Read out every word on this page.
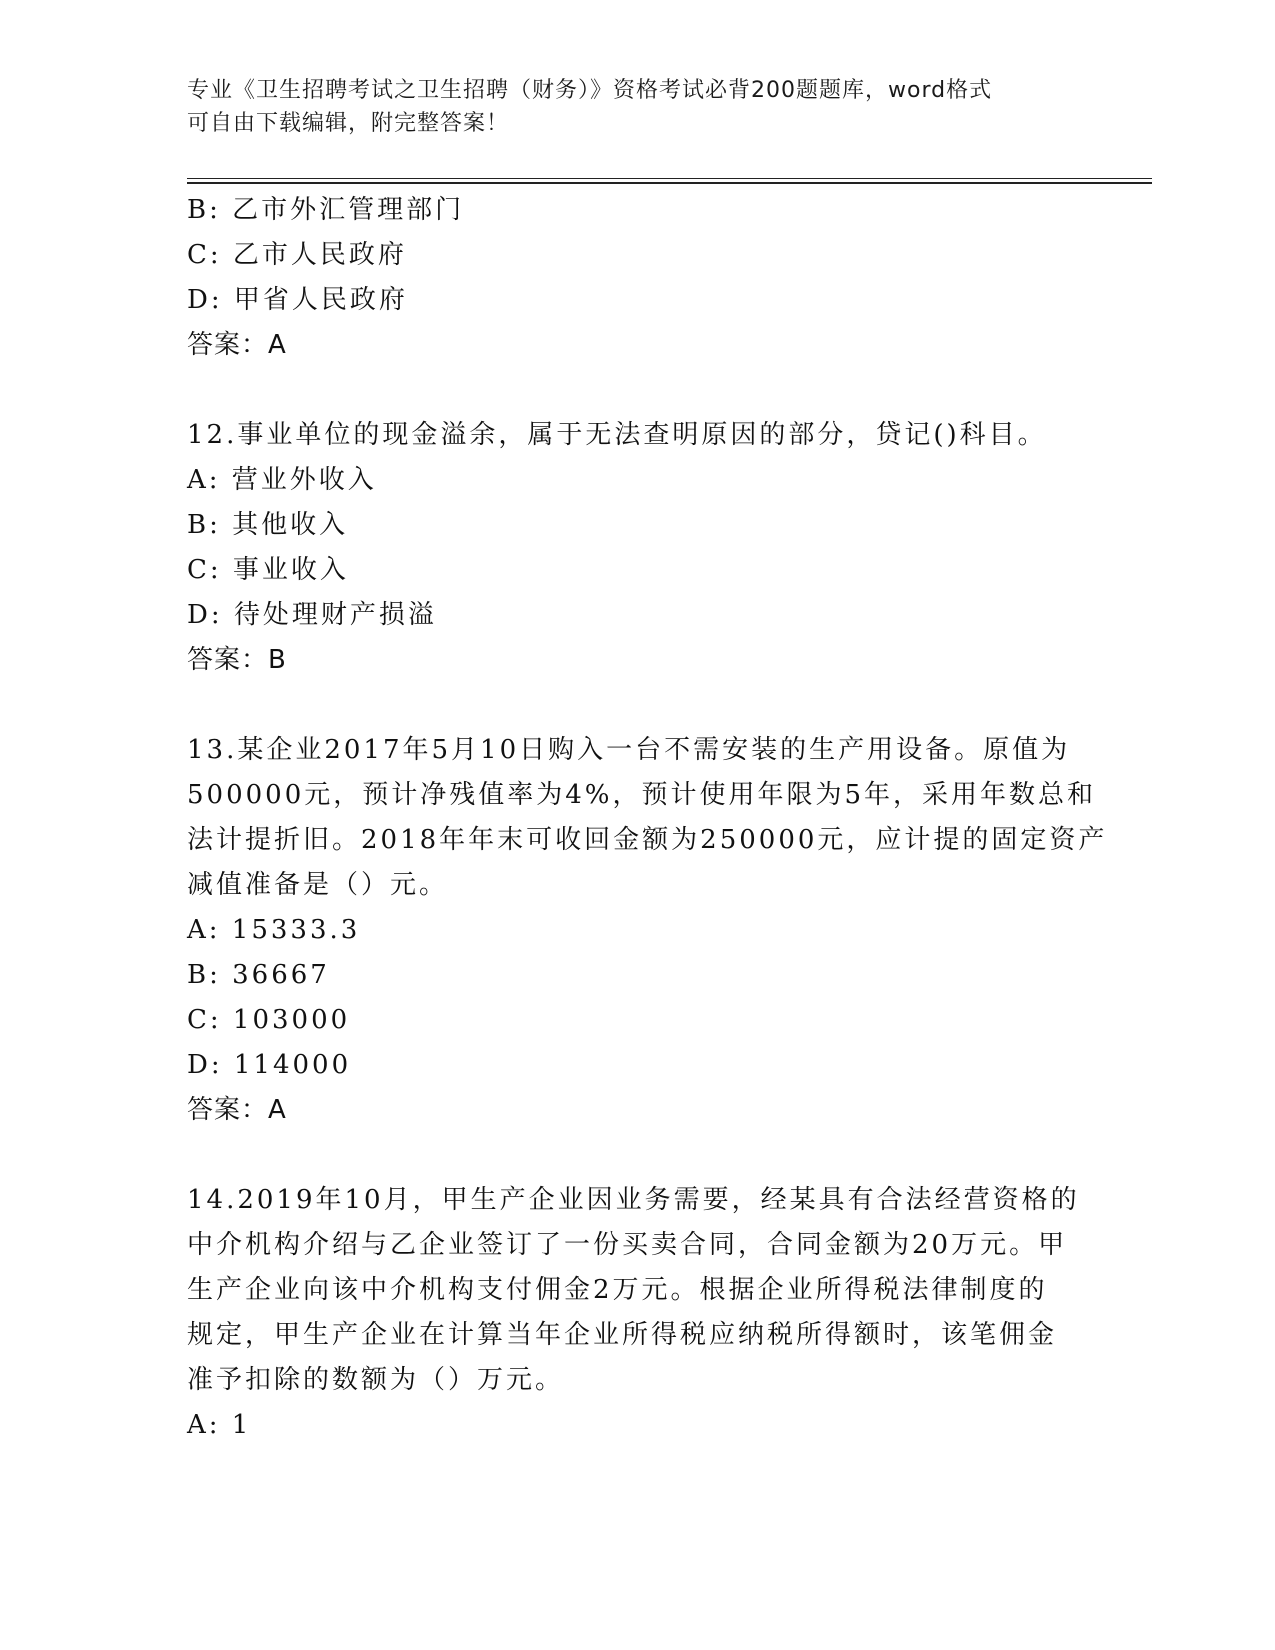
专业《卫生招聘考试之卫生招聘（财务）》资格考试必背200题题库，word格式
可自由下载编辑，附完整答案！
B: 乙市外汇管理部门
C: 乙市人民政府
D: 甲省人民政府
答案：A
12.事业单位的现金溢余，属于无法查明原因的部分，贷记()科目。
A: 营业外收入
B: 其他收入
C: 事业收入
D: 待处理财产损溢
答案：B
13.某企业2017年5月10日购入一台不需安装的生产用设备。原值为
500000元，预计净残值率为4%，预计使用年限为5年，采用年数总和
法计提折旧。2018年年末可收回金额为250000元，应计提的固定资产
减值准备是（）元。
A: 15333.3
B: 36667
C: 103000
D: 114000
答案：A
14.2019年10月，甲生产企业因业务需要，经某具有合法经营资格的
中介机构介绍与乙企业签订了一份买卖合同，合同金额为20万元。甲
生产企业向该中介机构支付佣金2万元。根据企业所得税法律制度的
规定，甲生产企业在计算当年企业所得税应纳税所得额时，该笔佣金
准予扣除的数额为（）万元。
A: 1
